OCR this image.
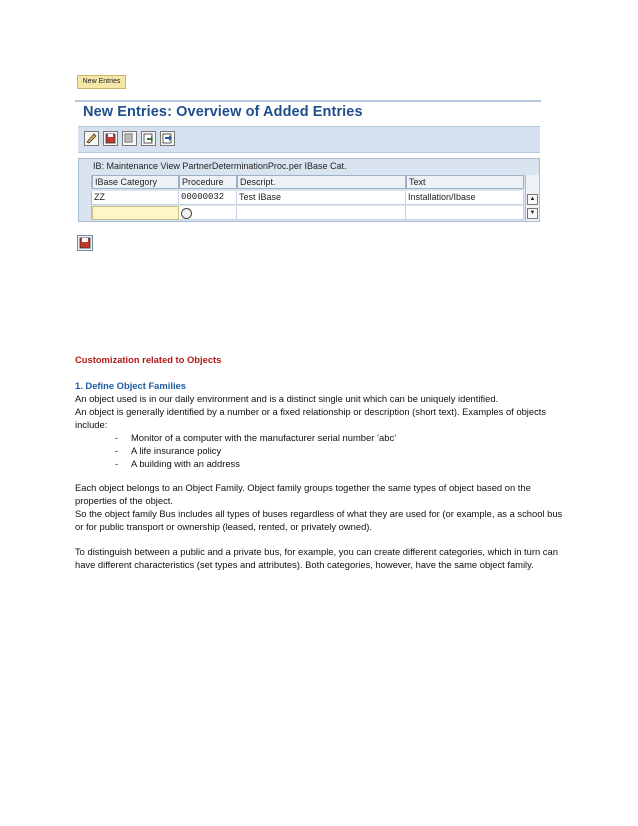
New Entries
New Entries: Overview of Added Entries
IB: Maintenance View PartnerDeterminationProc.per IBase Cat.
IBase Category	Procedure	Descript.	Text
ZZ	00000032	Test IBase	Installation/Ibase	▲
▼
Customization related to Objects
1. Define Object Families
An object used is in our daily environment and is a distinct single unit which can be uniquely identified.
An object is generally identified by a number or a fixed relationship or description (short text). Examples of objects include:
- Monitor of a computer with the manufacturer serial number ‘abc’
- A life insurance policy
- A building with an address
Each object belongs to an Object Family. Object family groups together the same types of object based on the properties of the object.
So the object family Bus includes all types of buses regardless of what they are used for (or example, as a school bus or for public transport or ownership (leased, rented, or privately owned).
To distinguish between a public and a private bus, for example, you can create different categories, which in turn can have different characteristics (set types and attributes). Both categories, however, have the same object family.
